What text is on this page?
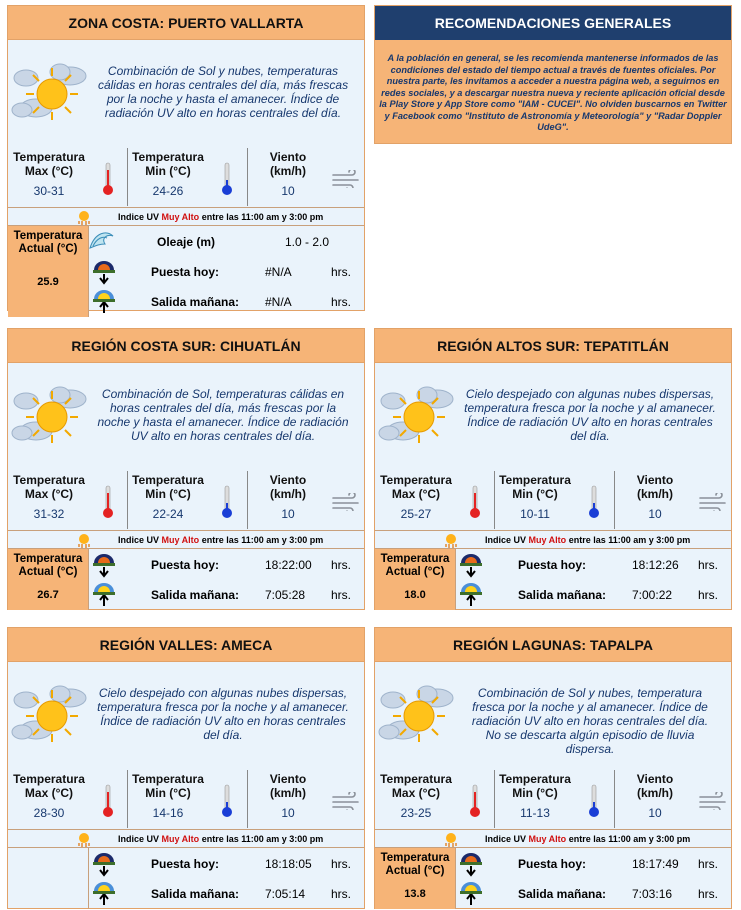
ZONA COSTA: PUERTO VALLARTA
Combinación de Sol y nubes, temperaturas cálidas en horas centrales del día, más frescas por la noche y hasta el amanecer. Índice de radiación UV alto en horas centrales del día.
Temperatura
Max (°C)
30-31
Temperatura
Min (°C)
24-26
Viento
(km/h)
10
Indice UV Muy Alto entre las 11:00 am y 3:00 pm
Temperatura
Actual (°C)
25.9
Oleaje (m)	1.0 - 2.0
Puesta hoy:	#N/A	hrs.
Salida mañana: #N/A	hrs.
REGIÓN COSTA SUR: CIHUATLÁN
Combinación de Sol, temperaturas cálidas en horas centrales del día, más frescas por la noche y hasta el amanecer. Índice de radiación UV alto en horas centrales del día.
Temperatura
Max (°C)
31-32
Temperatura
Min (°C)
22-24
Viento
(km/h)
10
Indice UV Muy Alto entre las 11:00 am y 3:00 pm
Temperatura
Actual (°C)
26.7
Puesta hoy:	18:22:00 hrs.
Salida mañana: 7:05:28 hrs.
REGIÓN ALTOS SUR: TEPATITLÁN
Cielo despejado con algunas nubes dispersas, temperatura fresca por la noche y al amanecer. Índice de radiación UV alto en horas centrales del día.
Temperatura
Max (°C)
25-27
Temperatura
Min (°C)
10-11
Viento
(km/h)
10
Indice UV Muy Alto entre las 11:00 am y 3:00 pm
Temperatura
Actual (°C)
18.0
Puesta hoy:	18:12:26 hrs.
Salida mañana: 7:00:22 hrs.
REGIÓN VALLES: AMECA
Cielo despejado con algunas nubes dispersas, temperatura fresca por la noche y al amanecer. Índice de radiación UV alto en horas centrales del día.
Temperatura
Max (°C)
28-30
Temperatura
Min (°C)
14-16
Viento
(km/h)
10
Indice UV Muy Alto entre las 11:00 am y 3:00 pm
Puesta hoy:	18:18:05 hrs.
Salida mañana: 7:05:14 hrs.
REGIÓN LAGUNAS: TAPALPA
Combinación de Sol y nubes, temperatura fresca por la noche y al amanecer. Índice de radiación UV alto en horas centrales del día. No se descarta algún episodio de lluvia dispersa.
Temperatura
Max (°C)
23-25
Temperatura
Min (°C)
11-13
Viento
(km/h)
10
Indice UV Muy Alto entre las 11:00 am y 3:00 pm
Temperatura
Actual (°C)
13.8
Puesta hoy:	18:17:49 hrs.
Salida mañana: 7:03:16 hrs.
RECOMENDACIONES GENERALES
A la población en general, se les recomienda mantenerse informados de las condiciones del estado del tiempo actual a través de fuentes oficiales. Por nuestra parte, les invitamos a acceder a nuestra página web, a seguirnos en redes sociales, y a descargar nuestra nueva y reciente aplicación oficial desde la Play Store y App Store como "IAM - CUCEI". No olviden buscarnos en Twitter y Facebook como "Instituto de Astronomía y Meteorología" y "Radar Doppler UdeG".
